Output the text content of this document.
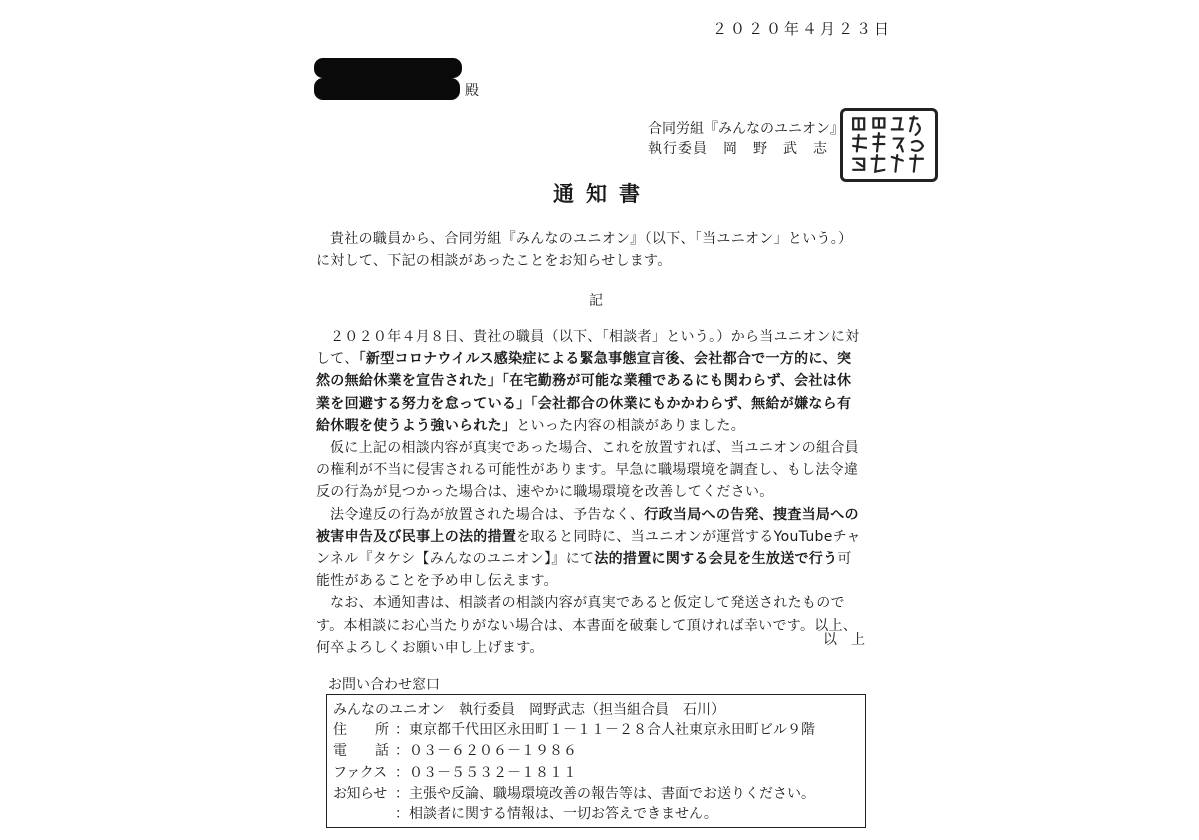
２０２０年４月２３日
殿
合同労組『みんなのユニオン』
執行委員　岡　野　武　志
通知書
貴社の職員から、合同労組『みんなのユニオン』（以下、「当ユニオン」という。）に対して、下記の相談があったことをお知らせします。
記

２０２０年４月８日、貴社の職員（以下、「相談者」という。）から当ユニオンに対して、「新型コロナウイルス感染症による緊急事態宣言後、会社都合で一方的に、突然の無給休業を宣告された」「在宅勤務が可能な業種であるにも関わらず、会社は休業を回避する努力を怠っている」「会社都合の休業にもかかわらず、無給が嫌なら有給休暇を使うよう強いられた」といった内容の相談がありました。

仮に上記の相談内容が真実であった場合、これを放置すれば、当ユニオンの組合員の権利が不当に侵害される可能性があります。早急に職場環境を調査し、もし法令違反の行為が見つかった場合は、速やかに職場環境を改善してください。

法令違反の行為が放置された場合は、予告なく、行政当局への告発、捜査当局への被害申告及び民事上の法的措置を取ると同時に、当ユニオンが運営するYouTubeチャンネル『タケシ【みんなのユニオン】』にて法的措置に関する会見を生放送で行う可能性があることを予め申し伝えます。

なお、本通知書は、相談者の相談内容が真実であると仮定して発送されたものです。本相談にお心当たりがない場合は、本書面を破棄して頂ければ幸いです。以上、何卒よろしくお願い申し上げます。	以上
お問い合わせ窓口
みんなのユニオン　執行委員　岡野武志（担当組合員　石川）
住　　所 ：東京都千代田区永田町１－１１－２８合人社東京永田町ビル９階
電　　話 ：０３－６２０６－１９８６
ファクス ：０３－５５３２－１８１１
お知らせ ：主張や反論、職場環境改善の報告等は、書面でお送りください。
：相談者に関する情報は、一切お答えできません。
